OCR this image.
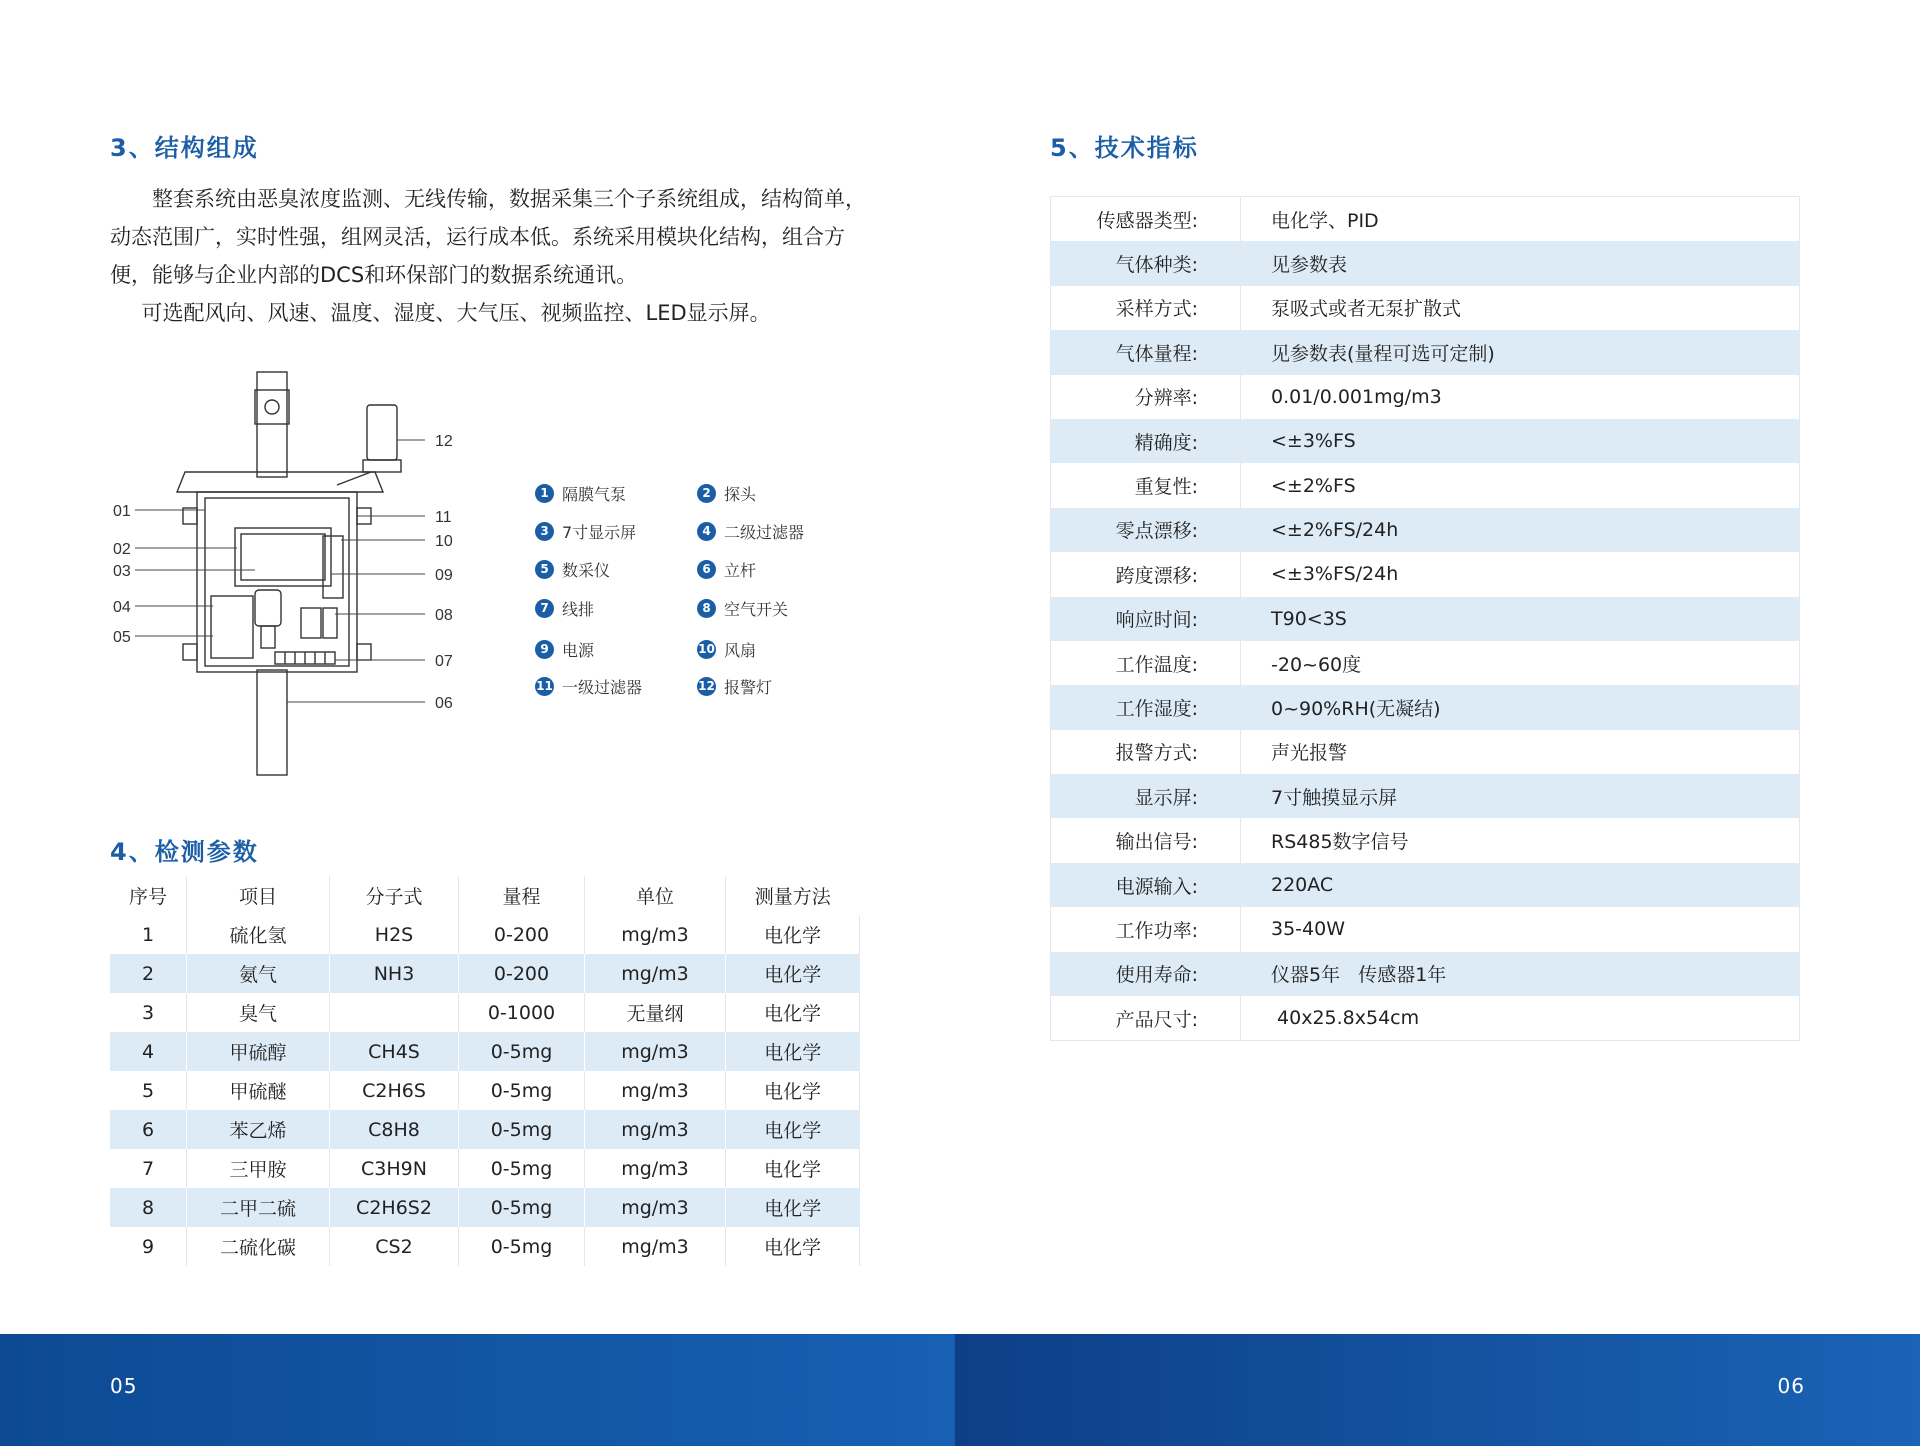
3、结构组成

整套系统由恶臭浓度监测、无线传输，数据采集三个子系统组成，结构简单，动态范围广，实时性强，组网灵活，运行成本低。系统采用模块化结构，组合方便，能够与企业内部的DCS和环保部门的数据系统通讯。

可选配风向、风速、温度、湿度、大气压、视频监控、LED显示屏。

01
02
03
04
05
12
11
10
09
08
07
06
1 隔膜气泵	2 探头
3 7寸显示屏	4 二级过滤器
5 数采仪	6 立杆
7 线排	8 空气开关
9 电源	10 风扇
11 一级过滤器	12 报警灯
4、检测参数
序号	项目	分子式	量程	单位	测量方法
1	硫化氢	H2S	0-200	mg/m3	电化学
2	氨气	NH3	0-200	mg/m3	电化学
3	臭气		0-1000	无量纲	电化学
4	甲硫醇	CH4S	0-5mg	mg/m3	电化学
5	甲硫醚	C2H6S	0-5mg	mg/m3	电化学
6	苯乙烯	C8H8	0-5mg	mg/m3	电化学
7	三甲胺	C3H9N	0-5mg	mg/m3	电化学
8	二甲二硫	C2H6S2	0-5mg	mg/m3	电化学
9	二硫化碳	CS2	0-5mg	mg/m3	电化学
5、技术指标
传感器类型:	电化学、PID
气体种类:	见参数表
采样方式:	泵吸式或者无泵扩散式
气体量程:	见参数表(量程可选可定制)
分辨率:	0.01/0.001mg/m3
精确度:	<±3%FS
重复性:	<±2%FS
零点漂移:	<±2%FS/24h
跨度漂移:	<±3%FS/24h
响应时间:	T90<3S
工作温度:	-20~60度
工作湿度:	0~90%RH(无凝结)
报警方式:	声光报警
显示屏:	7寸触摸显示屏
输出信号:	RS485数字信号
电源输入:	220AC
工作功率:	35-40W
使用寿命:	仪器5年   传感器1年
产品尺寸:	40x25.8x54cm
05	06
